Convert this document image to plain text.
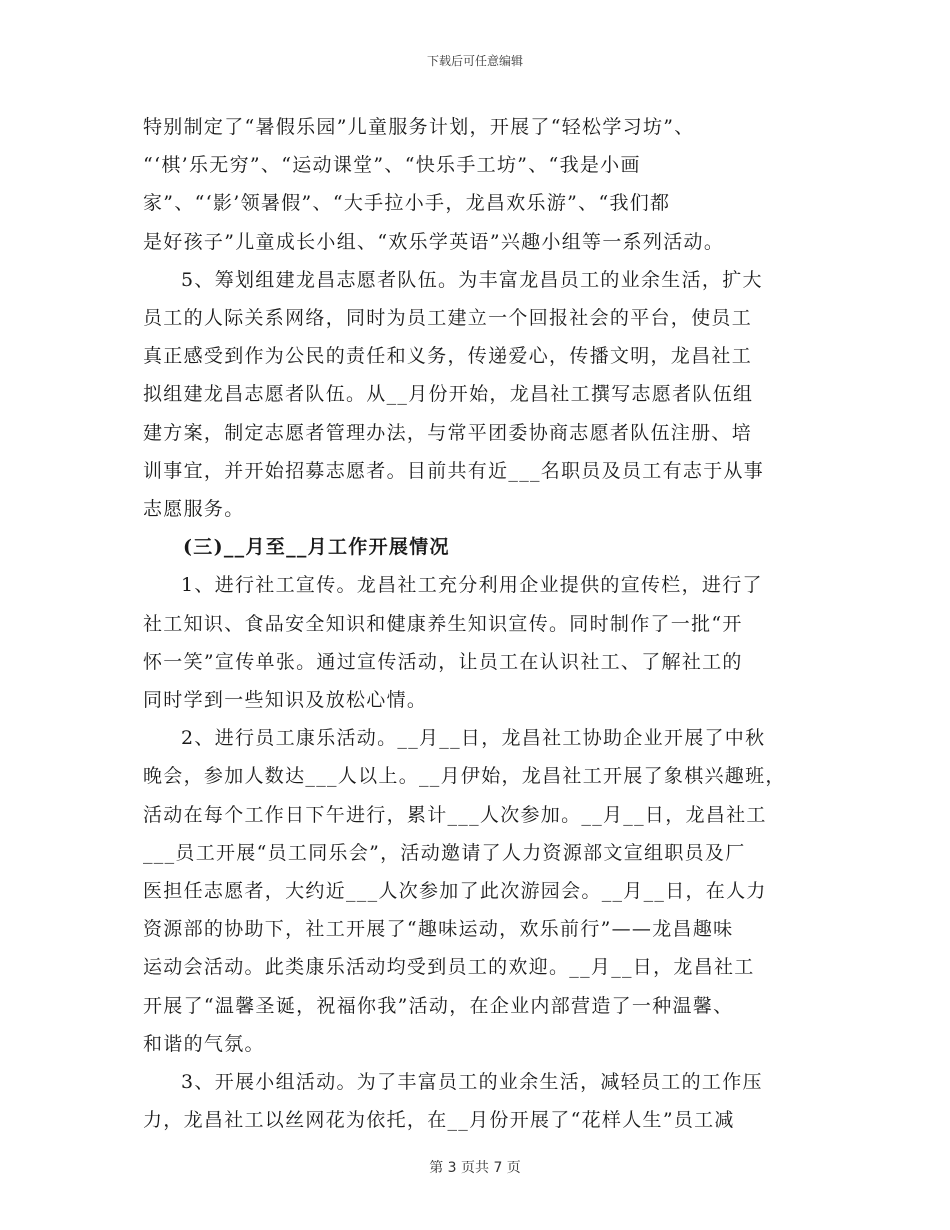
下载后可任意编辑
特别制定了“暑假乐园”儿童服务计划，开展了“轻松学习坊”、
“‘棋’乐无穷”、“运动课堂”、“快乐手工坊”、“我是小画
家”、“‘影’领暑假”、“大手拉小手，龙昌欢乐游”、“我们都
是好孩子”儿童成长小组、“欢乐学英语”兴趣小组等一系列活动。
5、筹划组建龙昌志愿者队伍。为丰富龙昌员工的业余生活，扩大
员工的人际关系网络，同时为员工建立一个回报社会的平台，使员工
真正感受到作为公民的责任和义务，传递爱心，传播文明，龙昌社工
拟组建龙昌志愿者队伍。从__月份开始，龙昌社工撰写志愿者队伍组
建方案，制定志愿者管理办法，与常平团委协商志愿者队伍注册、培
训事宜，并开始招募志愿者。目前共有近___名职员及员工有志于从事
志愿服务。
(三)__月至__月工作开展情况
1、进行社工宣传。龙昌社工充分利用企业提供的宣传栏，进行了
社工知识、食品安全知识和健康养生知识宣传。同时制作了一批“开
怀一笑”宣传单张。通过宣传活动，让员工在认识社工、了解社工的
同时学到一些知识及放松心情。
2、进行员工康乐活动。__月__日，龙昌社工协助企业开展了中秋
晚会，参加人数达___人以上。__月伊始，龙昌社工开展了象棋兴趣班，
活动在每个工作日下午进行，累计___人次参加。__月__日，龙昌社工
___员工开展“员工同乐会”，活动邀请了人力资源部文宣组职员及厂
医担任志愿者，大约近___人次参加了此次游园会。__月__日，在人力
资源部的协助下，社工开展了“趣味运动，欢乐前行”——龙昌趣味
运动会活动。此类康乐活动均受到员工的欢迎。__月__日，龙昌社工
开展了“温馨圣诞，祝福你我”活动，在企业内部营造了一种温馨、
和谐的气氛。
3、开展小组活动。为了丰富员工的业余生活，减轻员工的工作压
力，龙昌社工以丝网花为依托，在__月份开展了“花样人生”员工减
第 3 页共 7 页
